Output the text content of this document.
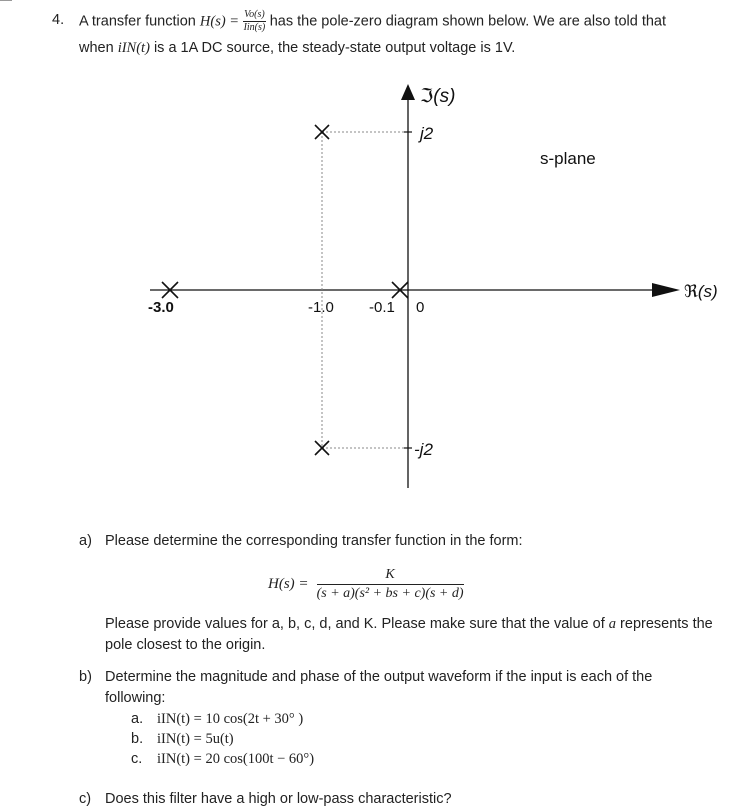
4. A transfer function $H(s) = \frac{Vo(s)}{\text{Iin(s)}}$ has the pole-zero diagram shown below. We are also told that
when iIN(t) is a 1A DC source, the steady-state output voltage is 1V.
ℑ(s)
ℜ(s)
s-plane
j2
-j2
-3.0	-1.0 -0.1 0
a) Please determine the corresponding transfer function in the form:
$H(s) = \frac{K}{\text{(s + a)(s² + bs + c)(s + d)}}$
Please provide values for a, b, c, d, and K. Please make sure that the value of a represents the
pole closest to the origin.
b) Determine the magnitude and phase of the output waveform if the input is each of the
following:
a. iIN(t) = 10 cos(2t + 30° )
b. iIN(t) = 5u(t)
c. iIN(t) = 20 cos(100t − 60°)
c) Does this filter have a high or low-pass characteristic?
